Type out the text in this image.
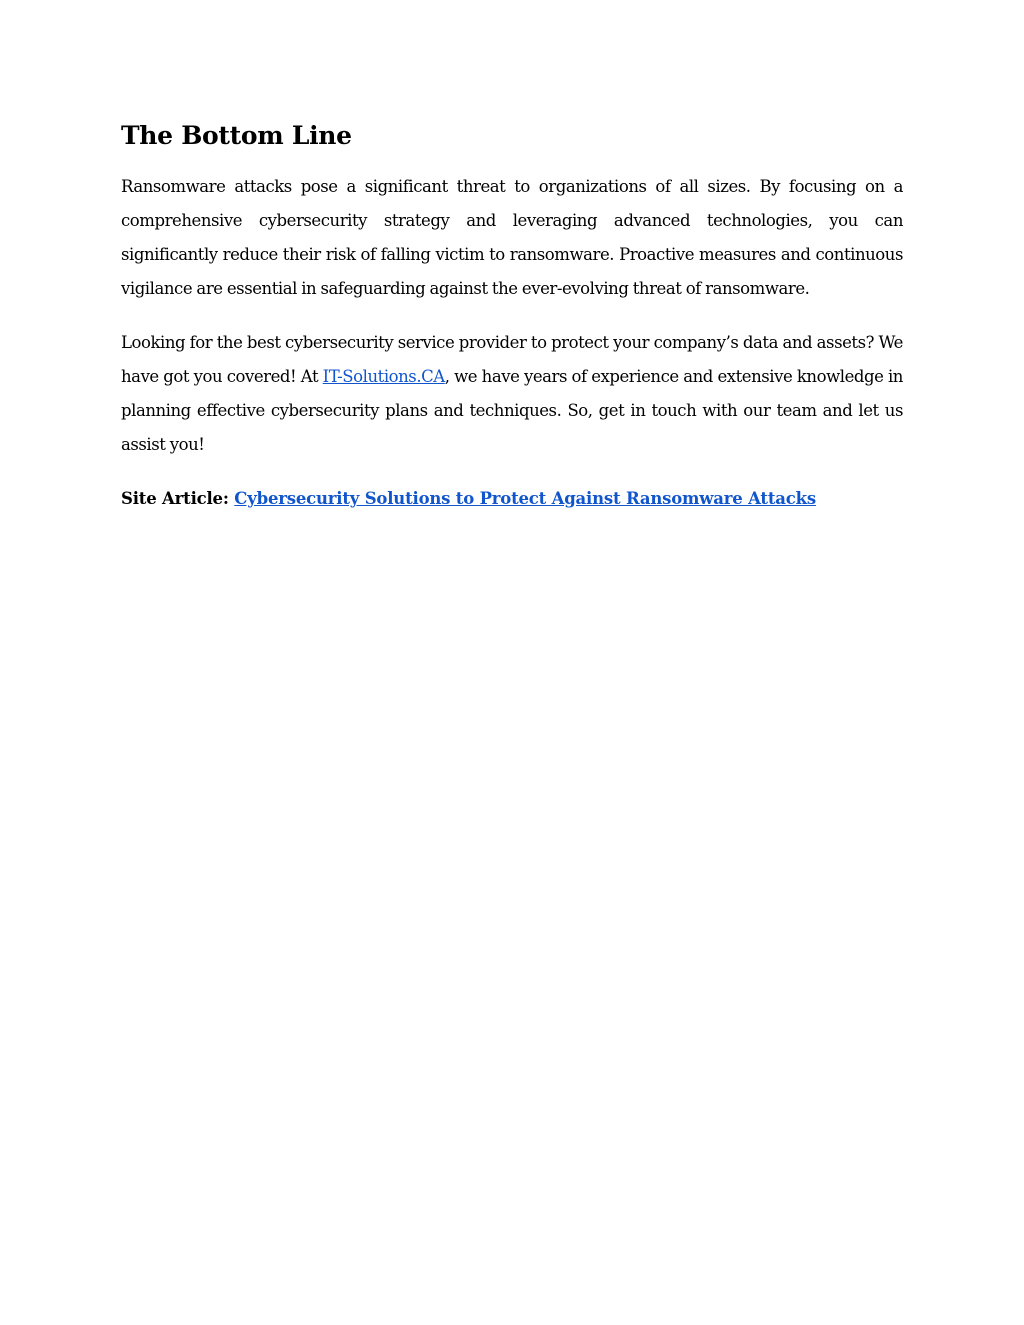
The Bottom Line

Ransomware attacks pose a significant threat to organizations of all sizes. By focusing on a comprehensive cybersecurity strategy and leveraging advanced technologies, you can significantly reduce their risk of falling victim to ransomware. Proactive measures and continuous vigilance are essential in safeguarding against the ever-evolving threat of ransomware.

Looking for the best cybersecurity service provider to protect your company’s data and assets? We have got you covered! At IT-Solutions.CA, we have years of experience and extensive knowledge in planning effective cybersecurity plans and techniques. So, get in touch with our team and let us assist you!

Site Article: Cybersecurity Solutions to Protect Against Ransomware Attacks
